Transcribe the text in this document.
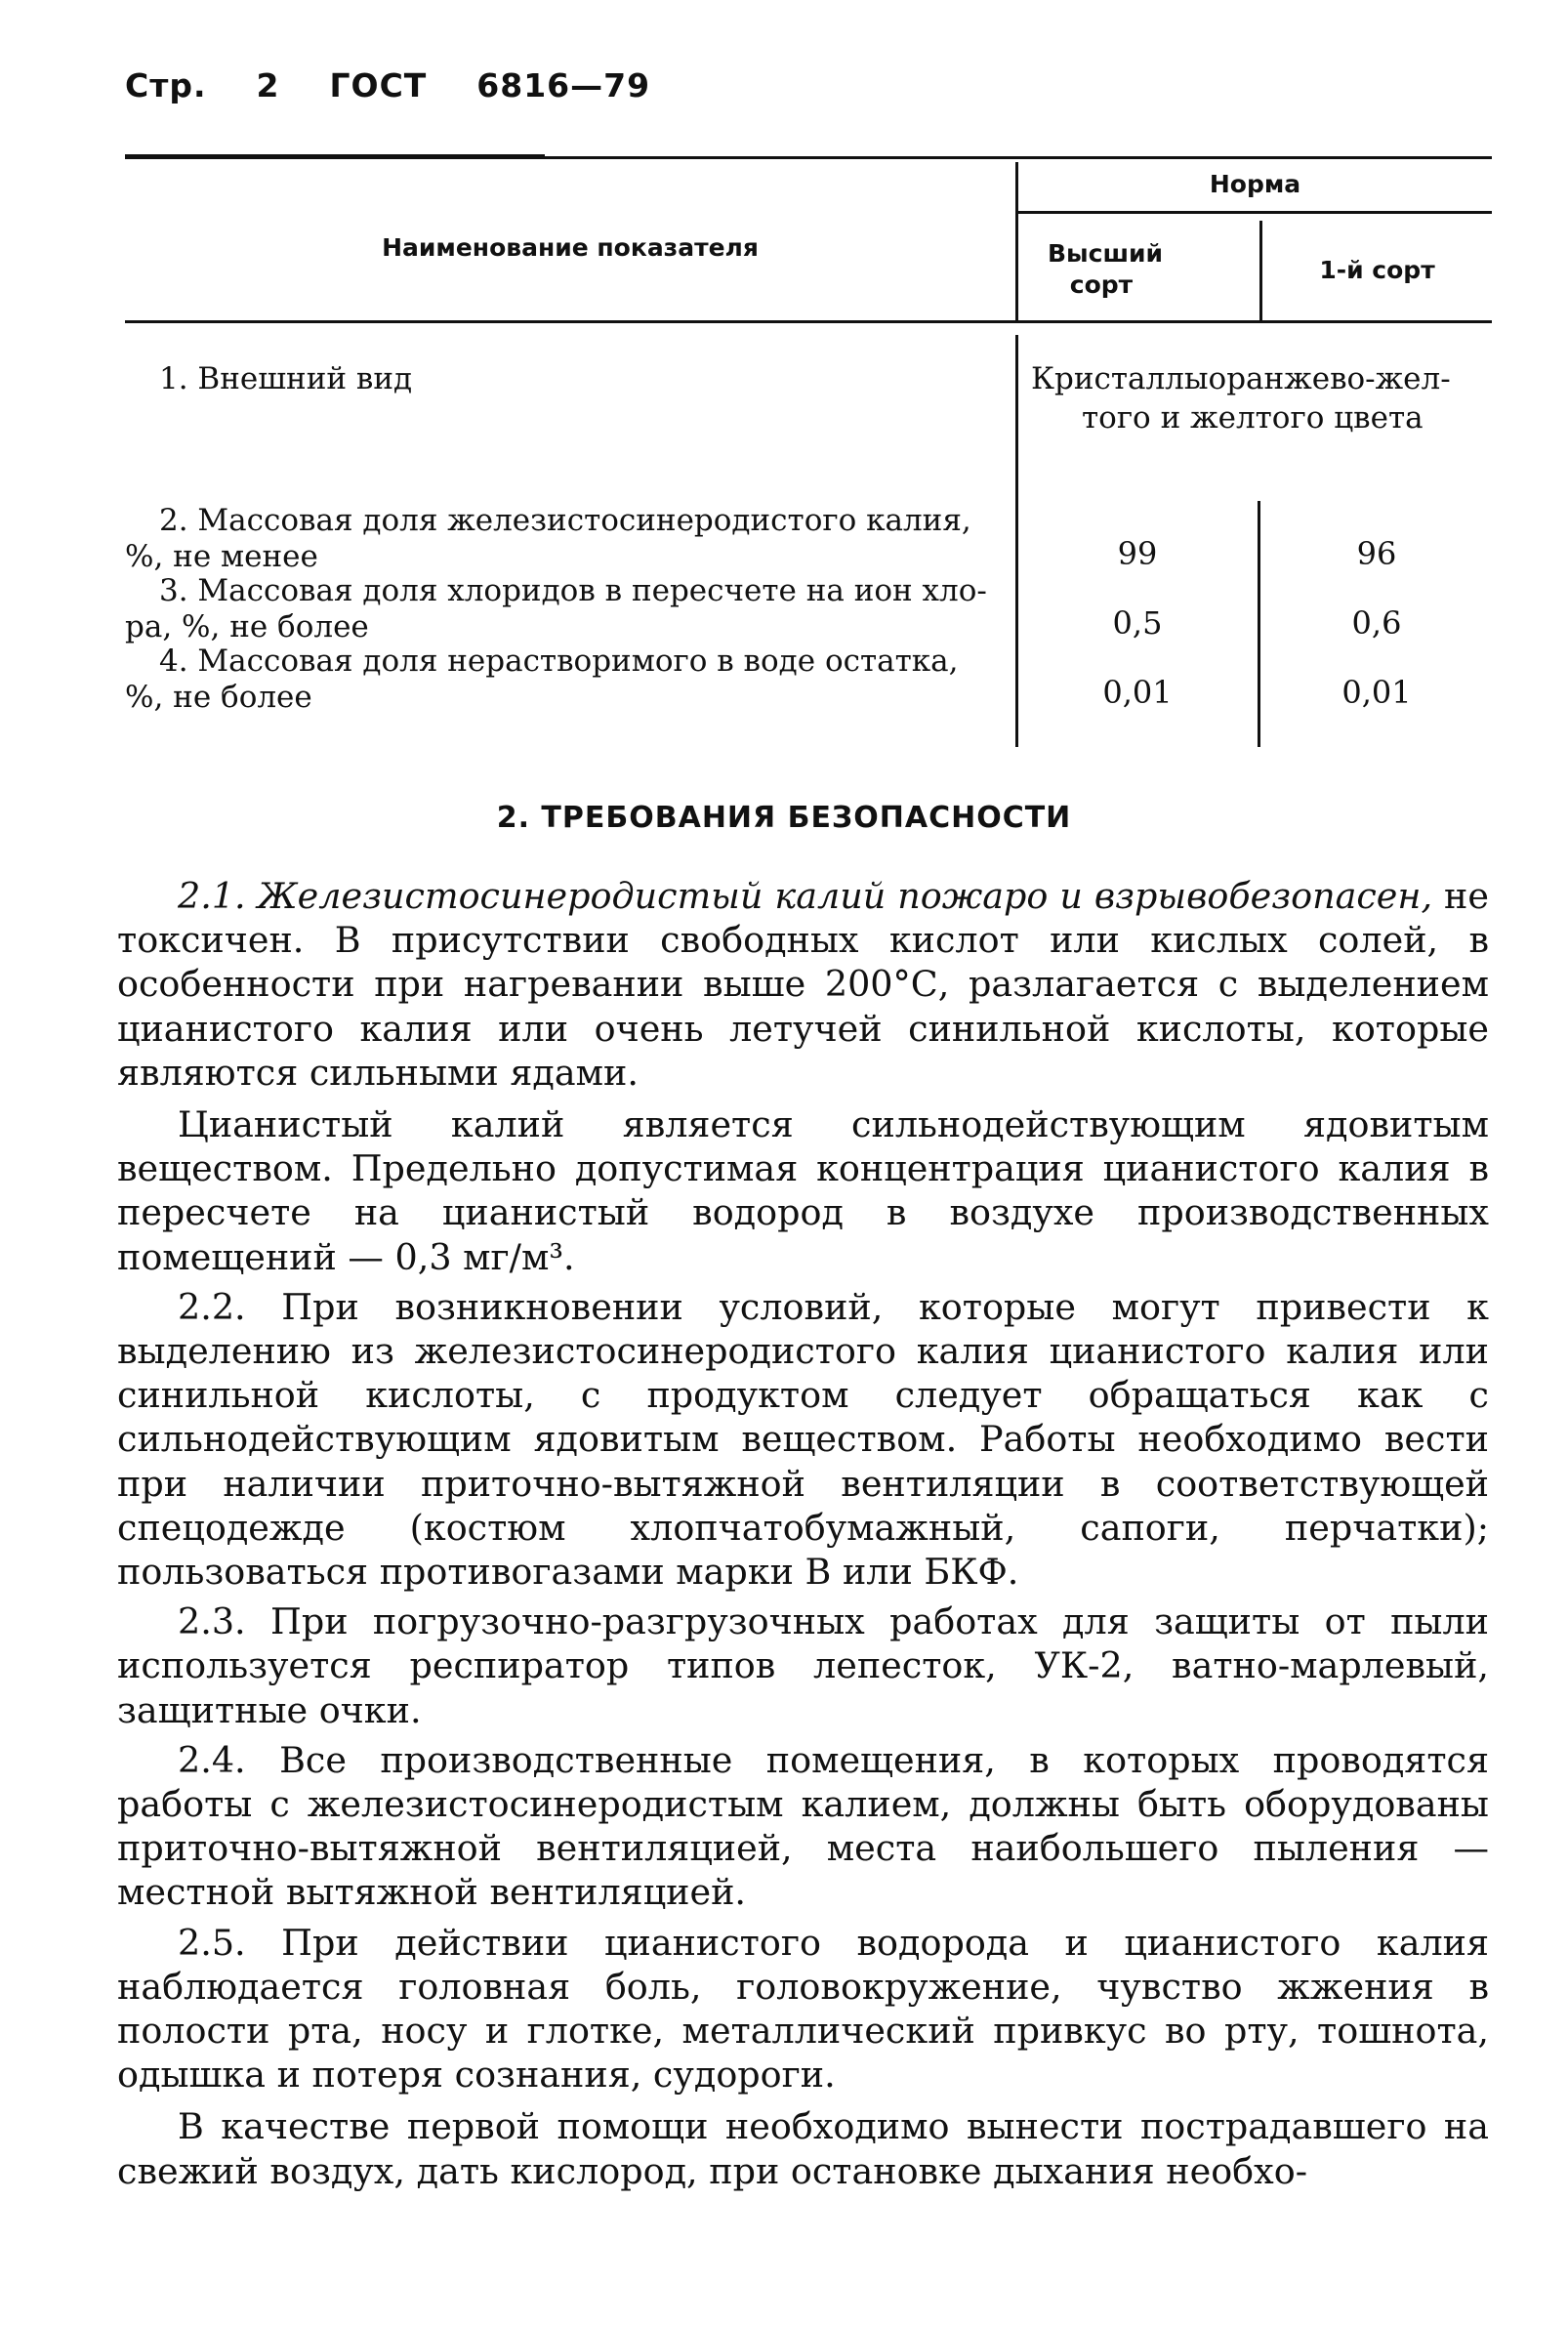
Стр. 2 ГОСТ 6816—79
Наименование показателя
Норма
Высший сорт
1-й сорт
1. Внешний вид	Кристаллыоранжево-жел-
того и желтого цвета
2. Массовая доля железистосинеродистого калия,
%, не менее	99	96
3. Массовая доля хлоридов в пересчете на ион хло-
ра, %, не более	0,5	0,6
4. Массовая доля нерастворимого в воде остатка,
%, не более	0,01	0,01
2. ТРЕБОВАНИЯ БЕЗОПАСНОСТИ

2.1. Железистосинеродистый калий пожаро и взрывобезопасен, не токсичен. В присутствии свободных кислот или кислых солей, в особенности при нагревании выше 200°С, разлагается с выделением цианистого калия или очень летучей синильной кислоты, которые являются сильными ядами.

Цианистый калий является сильнодействующим ядовитым веществом. Предельно допустимая концентрация цианистого калия в пересчете на цианистый водород в воздухе производственных помещений — 0,3 мг/м³.

2.2. При возникновении условий, которые могут привести к выделению из железистосинеродистого калия цианистого калия или синильной кислоты, с продуктом следует обращаться как с сильнодействующим ядовитым веществом. Работы необходимо вести при наличии приточно-вытяжной вентиляции в соответствующей спецодежде (костюм хлопчатобумажный, сапоги, перчатки); пользоваться противогазами марки В или БКФ.

2.3. При погрузочно-разгрузочных работах для защиты от пыли используется респиратор типов лепесток, УК-2, ватно-марлевый, защитные очки.

2.4. Все производственные помещения, в которых проводятся работы с железистосинеродистым калием, должны быть оборудованы приточно-вытяжной вентиляцией, места наибольшего пыления — местной вытяжной вентиляцией.

2.5. При действии цианистого водорода и цианистого калия наблюдается головная боль, головокружение, чувство жжения в полости рта, носу и глотке, металлический привкус во рту, тошнота, одышка и потеря сознания, судороги.

В качестве первой помощи необходимо вынести пострадавшего на свежий воздух, дать кислород, при остановке дыхания необхо-
